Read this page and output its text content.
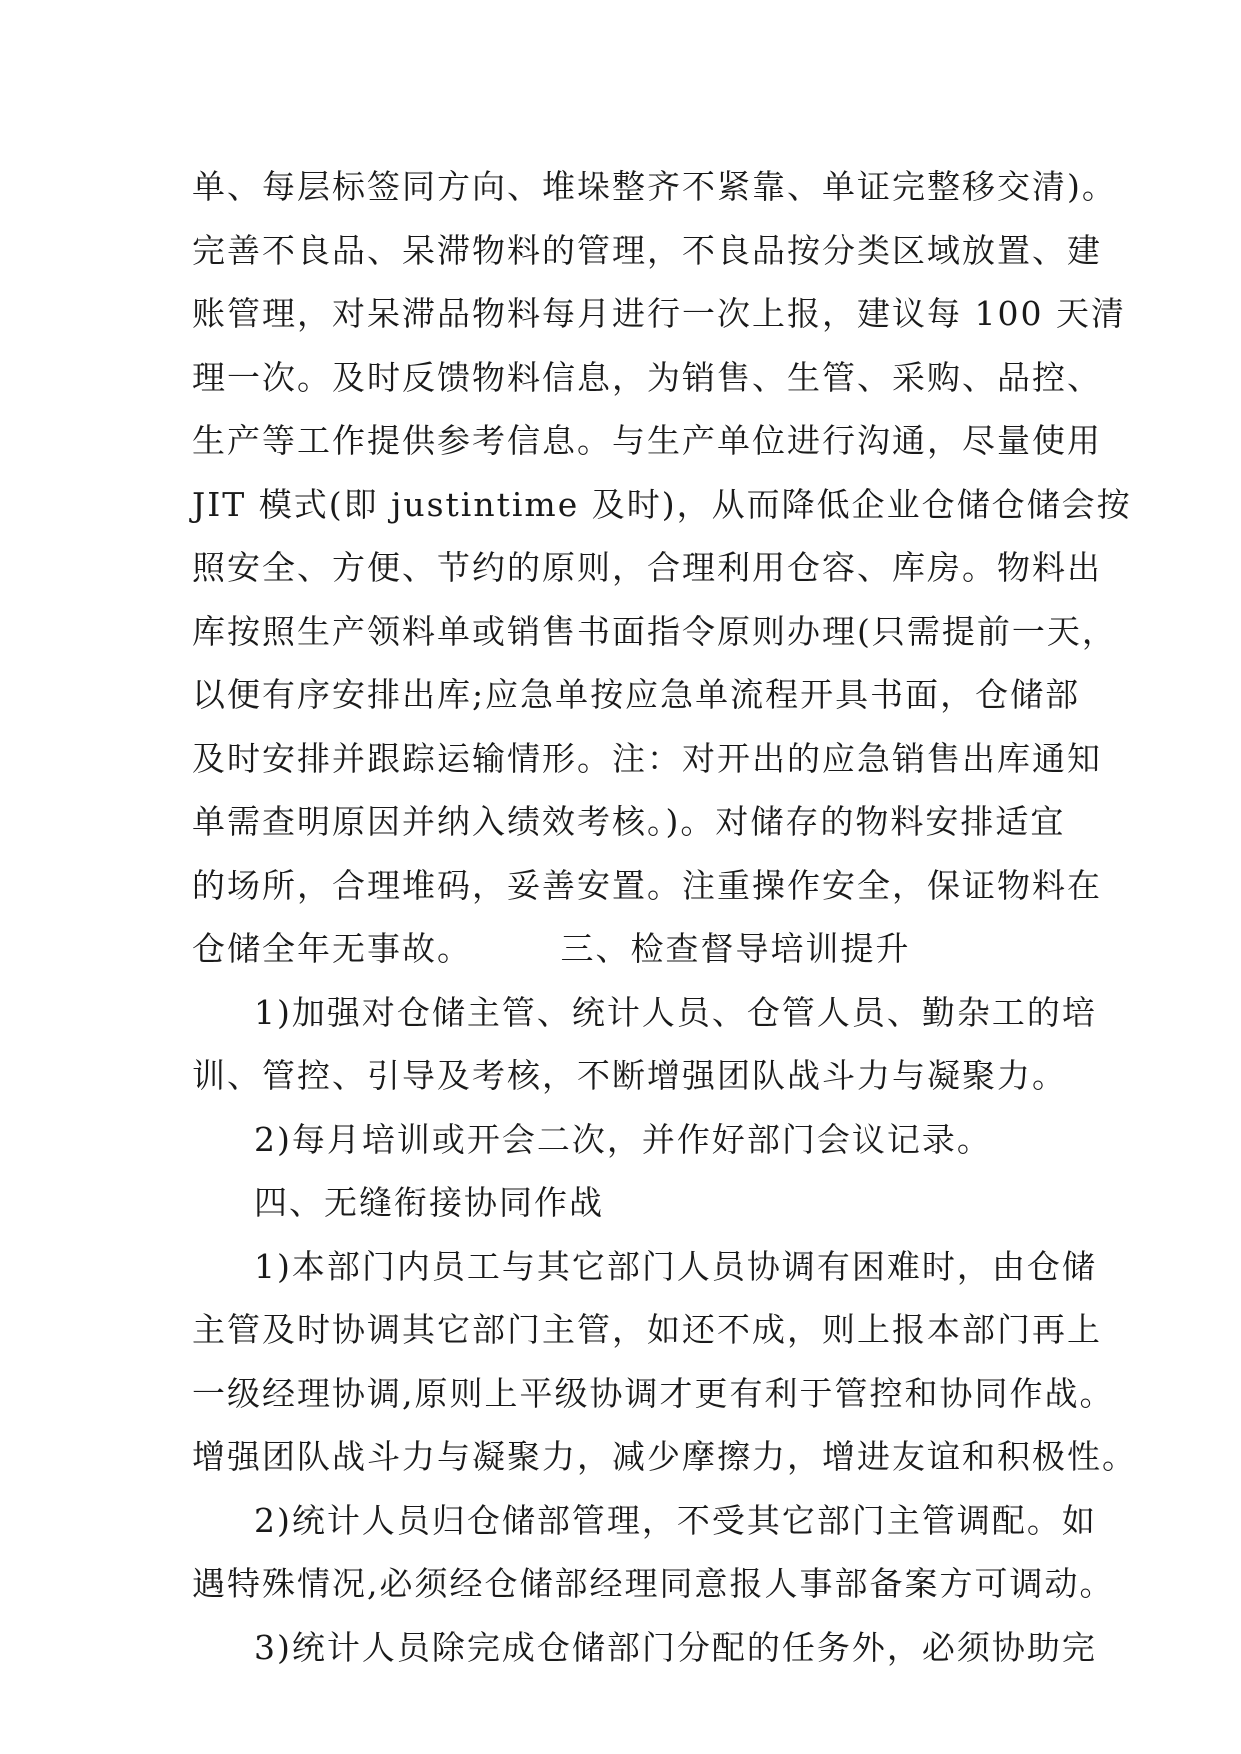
单、每层标签同方向、堆垛整齐不紧靠、单证完整移交清)。
完善不良品、呆滞物料的管理，不良品按分类区域放置、建
账管理，对呆滞品物料每月进行一次上报，建议每 100 天清
理一次。及时反馈物料信息，为销售、生管、采购、品控、
生产等工作提供参考信息。与生产单位进行沟通，尽量使用
JIT 模式(即 justintime 及时)，从而降低企业仓储仓储会按
照安全、方便、节约的原则，合理利用仓容、库房。物料出
库按照生产领料单或销售书面指令原则办理(只需提前一天，
以便有序安排出库;应急单按应急单流程开具书面，仓储部
及时安排并跟踪运输情形。注：对开出的应急销售出库通知
单需查明原因并纳入绩效考核。)。对储存的物料安排适宜
的场所，合理堆码，妥善安置。注重操作安全，保证物料在
仓储全年无事故。　　　三、检查督导培训提升
1)加强对仓储主管、统计人员、仓管人员、勤杂工的培
训、管控、引导及考核，不断增强团队战斗力与凝聚力。
2)每月培训或开会二次，并作好部门会议记录。
四、无缝衔接协同作战
1)本部门内员工与其它部门人员协调有困难时，由仓储
主管及时协调其它部门主管，如还不成，则上报本部门再上
一级经理协调,原则上平级协调才更有利于管控和协同作战。
增强团队战斗力与凝聚力，减少摩擦力，增进友谊和积极性。
2)统计人员归仓储部管理，不受其它部门主管调配。如
遇特殊情况,必须经仓储部经理同意报人事部备案方可调动。
3)统计人员除完成仓储部门分配的任务外，必须协助完
